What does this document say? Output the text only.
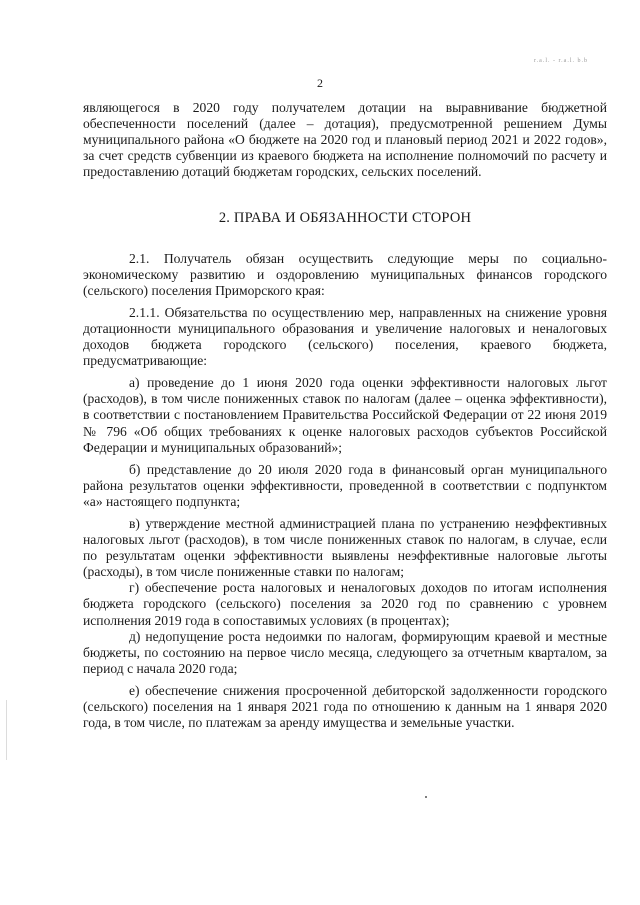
r.a.l. - r.a.l. b.b
2

являющегося в 2020 году получателем дотации на выравнивание бюджетной обеспеченности поселений (далее – дотация), предусмотренной решением Думы муниципального района «О бюджете на 2020 год и плановый период 2021 и 2022 годов», за счет средств субвенции из краевого бюджета на исполнение полномочий по расчету и предоставлению дотаций бюджетам городских, сельских поселений.

2. ПРАВА И ОБЯЗАННОСТИ СТОРОН

2.1. Получатель обязан осуществить следующие меры по социально-экономическому развитию и оздоровлению муниципальных финансов городского (сельского) поселения Приморского края:

2.1.1. Обязательства по осуществлению мер, направленных на снижение уровня дотационности муниципального образования и увеличение налоговых и неналоговых доходов бюджета городского (сельского) поселения, краевого бюджета, предусматривающие:

а) проведение до 1 июня 2020 года оценки эффективности налоговых льгот (расходов), в том числе пониженных ставок по налогам (далее – оценка эффективности), в соответствии с постановлением Правительства Российской Федерации от 22 июня 2019 № 796 «Об общих требованиях к оценке налоговых расходов субъектов Российской Федерации и муниципальных образований»;

б) представление до 20 июля 2020 года в финансовый орган муниципального района результатов оценки эффективности, проведенной в соответствии с подпунктом «а» настоящего подпункта;

в) утверждение местной администрацией плана по устранению неэффективных налоговых льгот (расходов), в том числе пониженных ставок по налогам, в случае, если по результатам оценки эффективности выявлены неэффективные налоговые льготы (расходы), в том числе пониженные ставки по налогам;

г) обеспечение роста налоговых и неналоговых доходов по итогам исполнения бюджета городского (сельского) поселения за 2020 год по сравнению с уровнем исполнения 2019 года в сопоставимых условиях (в процентах);

д) недопущение роста недоимки по налогам, формирующим краевой и местные бюджеты, по состоянию на первое число месяца, следующего за отчетным кварталом, за период с начала 2020 года;

е) обеспечение снижения просроченной дебиторской задолженности городского (сельского) поселения на 1 января 2021 года по отношению к данным на 1 января 2020 года, в том числе, по платежам за аренду имущества и земельные участки.
